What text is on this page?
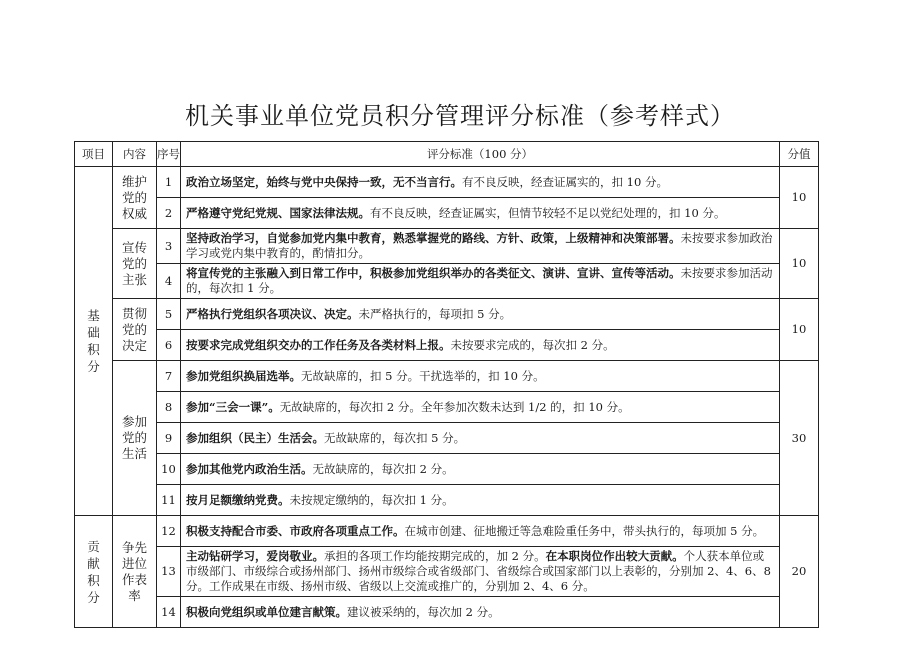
机关事业单位党员积分管理评分标准（参考样式）
项目	内容	序号	评分标准（100 分）	分值
基础积分	维护党的权威	1	政治立场坚定，始终与党中央保持一致，无不当言行。有不良反映，经查证属实的，扣 10 分。	10
		2	严格遵守党纪党规、国家法律法规。有不良反映，经查证属实，但情节较轻不足以党纪处理的，扣 10 分。	
	宣传党的主张	3	坚持政治学习，自觉参加党内集中教育，熟悉掌握党的路线、方针、政策，上级精神和决策部署。未按要求参加政治学习或党内集中教育的，酌情扣分。	10
		4	将宣传党的主张融入到日常工作中，积极参加党组织举办的各类征文、演讲、宣讲、宣传等活动。未按要求参加活动的，每次扣 1 分。	
	贯彻党的决定	5	严格执行党组织各项决议、决定。未严格执行的，每项扣 5 分。	10
		6	按要求完成党组织交办的工作任务及各类材料上报。未按要求完成的，每次扣 2 分。	
	参加党的生活	7	参加党组织换届选举。无故缺席的，扣 5 分。干扰选举的，扣 10 分。	30
		8	参加“三会一课”。无故缺席的，每次扣 2 分。全年参加次数未达到 1/2 的，扣 10 分。	
		9	参加组织（民主）生活会。无故缺席的，每次扣 5 分。	
		10	参加其他党内政治生活。无故缺席的，每次扣 2 分。	
		11	按月足额缴纳党费。未按规定缴纳的，每次扣 1 分。	
贡献积分	争先进位作表率	12	积极支持配合市委、市政府各项重点工作。在城市创建、征地搬迁等急难险重任务中，带头执行的，每项加 5 分。	20
		13	主动钻研学习，爱岗敬业。承担的各项工作均能按期完成的，加 2 分。在本职岗位作出较大贡献。个人获本单位或市级部门、市级综合或扬州部门、扬州市级综合或省级部门、省级综合或国家部门以上表彰的，分别加 2、4、6、8 分。工作成果在市级、扬州市级、省级以上交流或推广的，分别加 2、4、6 分。	
		14	积极向党组织或单位建言献策。建议被采纳的，每次加 2 分。	
